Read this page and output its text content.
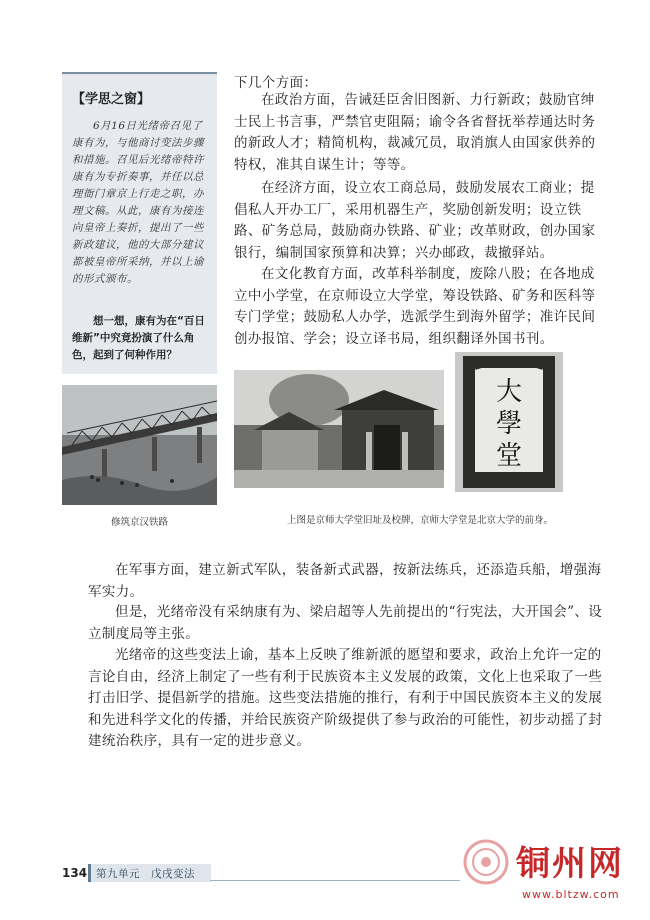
【学思之窗】
6月16日光绪帝召见了康有为，与他商讨变法步骤和措施。召见后光绪帝特许康有为专折奏事，并任以总理衙门章京上行走之职，办理文稿。从此，康有为接连向皇帝上奏折，提出了一些新政建议，他的大部分建议都被皇帝所采纳，并以上谕的形式颁布。
想一想，康有为在“百日维新”中究竟扮演了什么角色，起到了何种作用？
下几个方面：
在政治方面，告诫廷臣舍旧图新、力行新政；鼓励官绅士民上书言事，严禁官吏阻隔；谕令各省督抚举荐通达时务的新政人才；精简机构，裁减冗员，取消旗人由国家供养的特权，准其自谋生计；等等。
在经济方面，设立农工商总局，鼓励发展农工商业；提倡私人开办工厂，采用机器生产，奖励创新发明；设立铁路、矿务总局，鼓励商办铁路、矿业；改革财政，创办国家银行，编制国家预算和决算；兴办邮政，裁撤驿站。
在文化教育方面，改革科举制度，废除八股；在各地成立中小学堂，在京师设立大学堂，筹设铁路、矿务和医科等专门学堂；鼓励私人办学，选派学生到海外留学；准许民间创办报馆、学会；设立译书局，组织翻译外国书刊。
修筑京汉铁路
大
學
堂
上图是京师大学堂旧址及校牌，京师大学堂是北京大学的前身。
在军事方面，建立新式军队，装备新式武器，按新法练兵，还添造兵船，增强海军实力。
但是，光绪帝没有采纳康有为、梁启超等人先前提出的“行宪法，大开国会”、设立制度局等主张。
光绪帝的这些变法上谕，基本上反映了维新派的愿望和要求，政治上允许一定的言论自由，经济上制定了一些有利于民族资本主义发展的政策，文化上也采取了一些打击旧学、提倡新学的措施。这些变法措施的推行，有利于中国民族资本主义的发展和先进科学文化的传播，并给民族资产阶级提供了参与政治的可能性，初步动摇了封建统治秩序，具有一定的进步意义。
134 第九单元　戊戌变法	铜州网
www.bltzw.com
